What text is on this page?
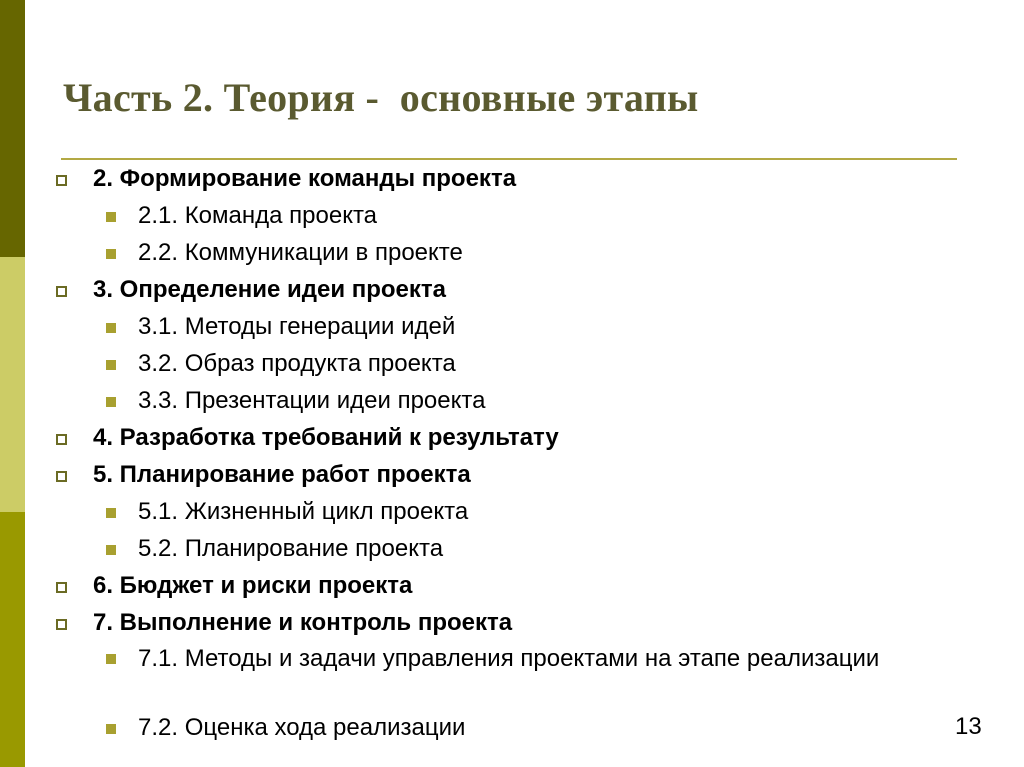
Часть 2. Теория -  основные этапы
2. Формирование команды проекта
2.1. Команда проекта
2.2. Коммуникации в проекте
3. Определение идеи проекта
3.1. Методы генерации идей
3.2. Образ продукта проекта
3.3. Презентации идеи проекта
4. Разработка требований к результату
5. Планирование работ проекта
5.1. Жизненный цикл проекта
5.2. Планирование проекта
6. Бюджет и риски проекта
7. Выполнение и контроль проекта
7.1. Методы и задачи управления проектами на этапе реализации
7.2. Оценка хода реализации	13
